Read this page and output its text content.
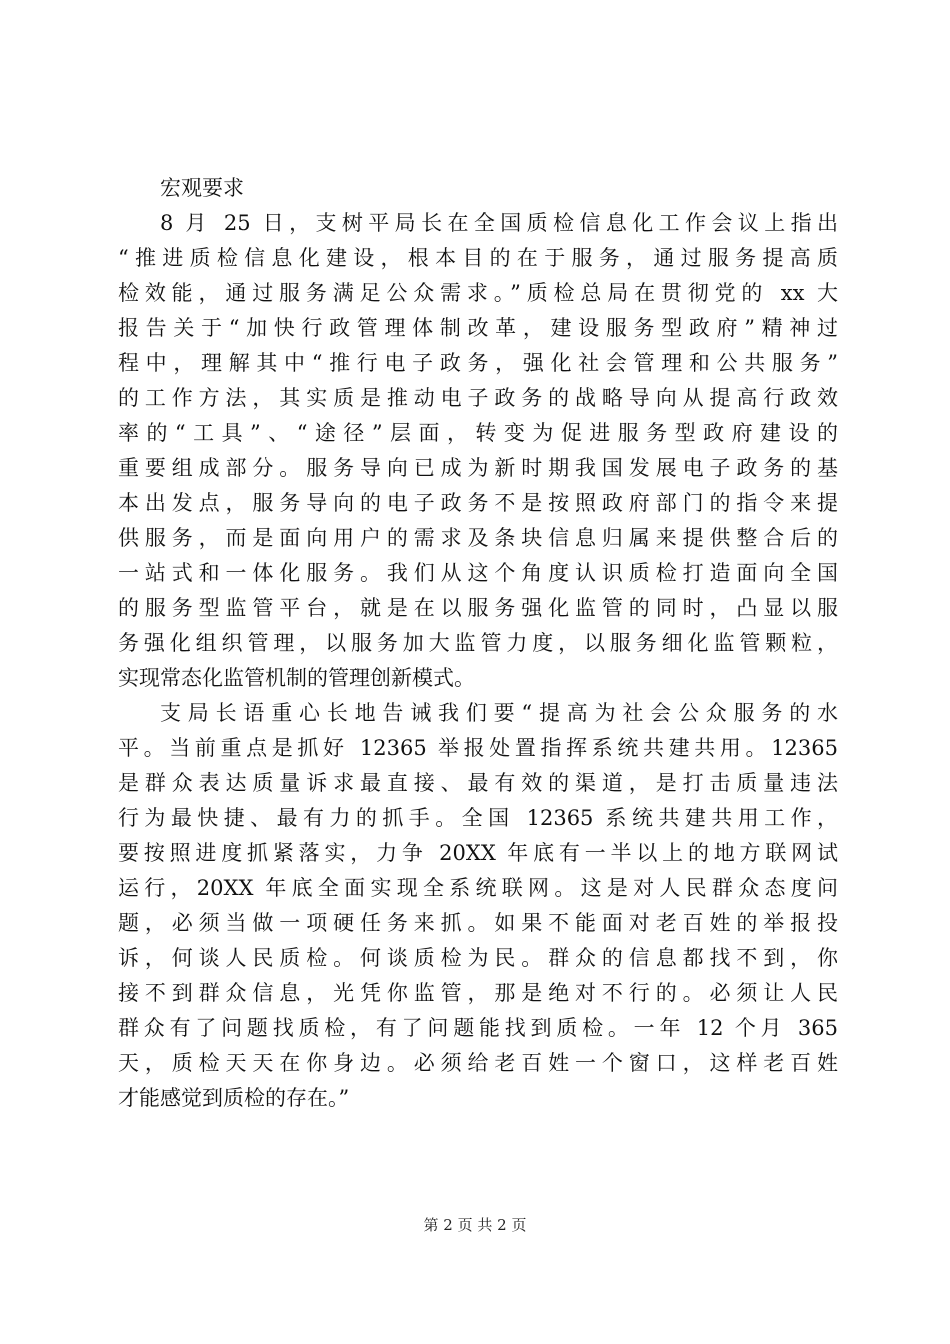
宏观要求

8 月 25 日，支树平局长在全国质检信息化工作会议上指出

“推进质检信息化建设，根本目的在于服务，通过服务提高质

检效能，通过服务满足公众需求。”质检总局在贯彻党的 xx 大

报告关于“加快行政管理体制改革，建设服务型政府”精神过

程中，理解其中“推行电子政务，强化社会管理和公共服务”

的工作方法，其实质是推动电子政务的战略导向从提高行政效

率的“工具”、“途径”层面，转变为促进服务型政府建设的

重要组成部分。服务导向已成为新时期我国发展电子政务的基

本出发点，服务导向的电子政务不是按照政府部门的指令来提

供服务，而是面向用户的需求及条块信息归属来提供整合后的

一站式和一体化服务。我们从这个角度认识质检打造面向全国

的服务型监管平台，就是在以服务强化监管的同时，凸显以服

务强化组织管理，以服务加大监管力度，以服务细化监管颗粒，

实现常态化监管机制的管理创新模式。

支局长语重心长地告诫我们要“提高为社会公众服务的水

平。当前重点是抓好 12365 举报处置指挥系统共建共用。12365

是群众表达质量诉求最直接、最有效的渠道，是打击质量违法

行为最快捷、最有力的抓手。全国 12365 系统共建共用工作，

要按照进度抓紧落实，力争 20XX 年底有一半以上的地方联网试

运行，20XX 年底全面实现全系统联网。这是对人民群众态度问

题，必须当做一项硬任务来抓。如果不能面对老百姓的举报投

诉，何谈人民质检。何谈质检为民。群众的信息都找不到，你

接不到群众信息，光凭你监管，那是绝对不行的。必须让人民

群众有了问题找质检，有了问题能找到质检。一年 12 个月 365

天，质检天天在你身边。必须给老百姓一个窗口，这样老百姓

才能感觉到质检的存在。”

第 2 页 共 2 页
